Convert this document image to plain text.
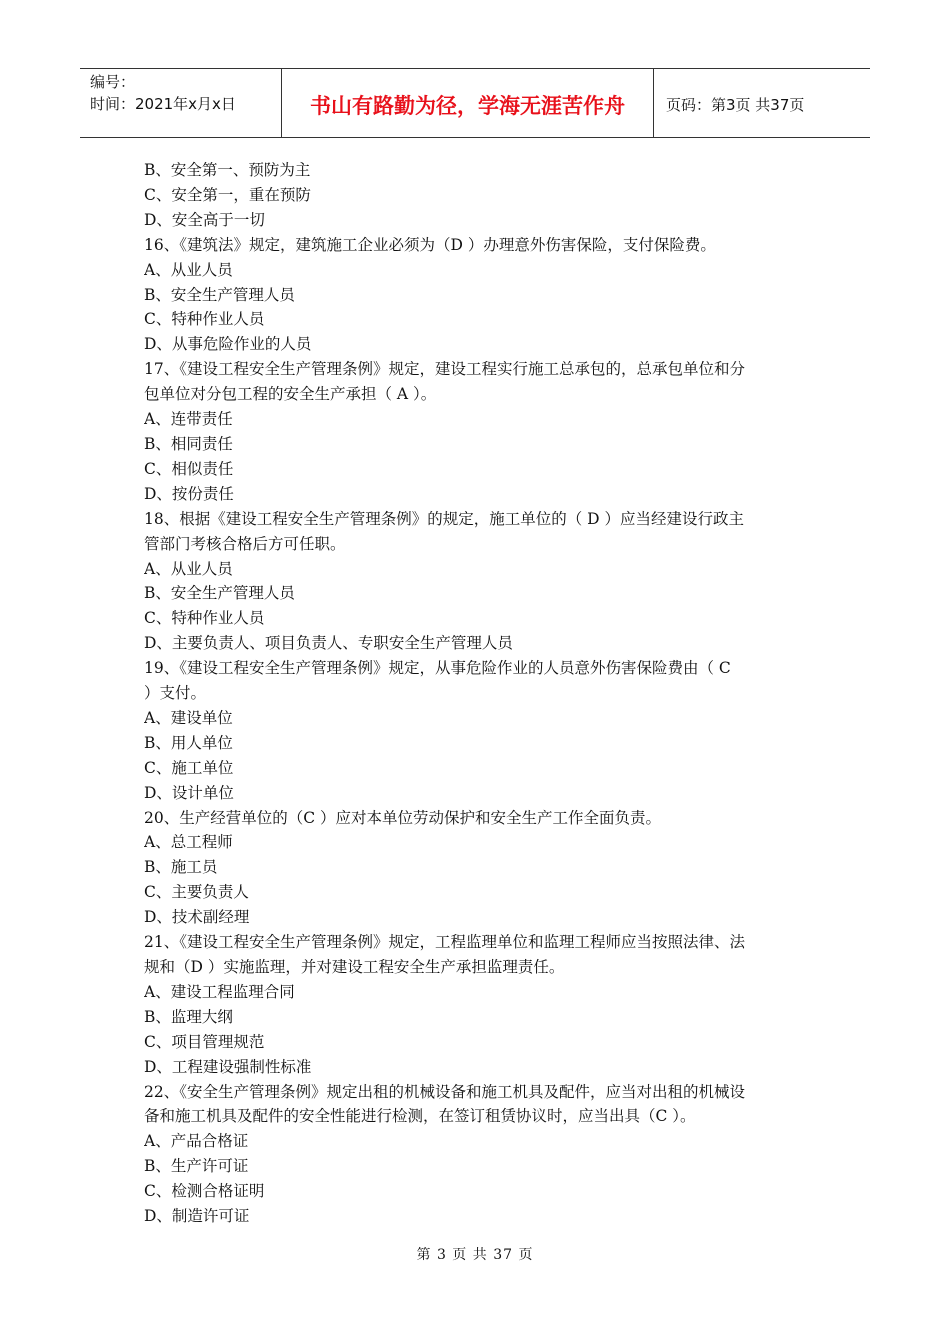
编号：
时间：2021年x月x日	书山有路勤为径，学海无涯苦作舟	页码：第3页 共37页
B、安全第一、预防为主
C、安全第一，重在预防
D、安全高于一切
16、《建筑法》规定，建筑施工企业必须为（D ）办理意外伤害保险，支付保险费。
A、从业人员
B、安全生产管理人员
C、特种作业人员
D、从事危险作业的人员
17、《建设工程安全生产管理条例》规定，建设工程实行施工总承包的，总承包单位和分
包单位对分包工程的安全生产承担（ A ）。
A、连带责任
B、相同责任
C、相似责任
D、按份责任
18、根据《建设工程安全生产管理条例》的规定，施工单位的（ D ）应当经建设行政主
管部门考核合格后方可任职。
A、从业人员
B、安全生产管理人员
C、特种作业人员
D、主要负责人、项目负责人、专职安全生产管理人员
19、《建设工程安全生产管理条例》规定，从事危险作业的人员意外伤害保险费由（ C
）支付。
A、建设单位
B、用人单位
C、施工单位
D、设计单位
20、生产经营单位的（C ）应对本单位劳动保护和安全生产工作全面负责。
A、总工程师
B、施工员
C、主要负责人
D、技术副经理
21、《建设工程安全生产管理条例》规定，工程监理单位和监理工程师应当按照法律、法
规和（D ）实施监理，并对建设工程安全生产承担监理责任。
A、建设工程监理合同
B、监理大纲
C、项目管理规范
D、工程建设强制性标准
22、《安全生产管理条例》规定出租的机械设备和施工机具及配件，应当对出租的机械设
备和施工机具及配件的安全性能进行检测，在签订租赁协议时，应当出具（C ）。
A、产品合格证
B、生产许可证
C、检测合格证明
D、制造许可证
第 3 页 共 37 页
